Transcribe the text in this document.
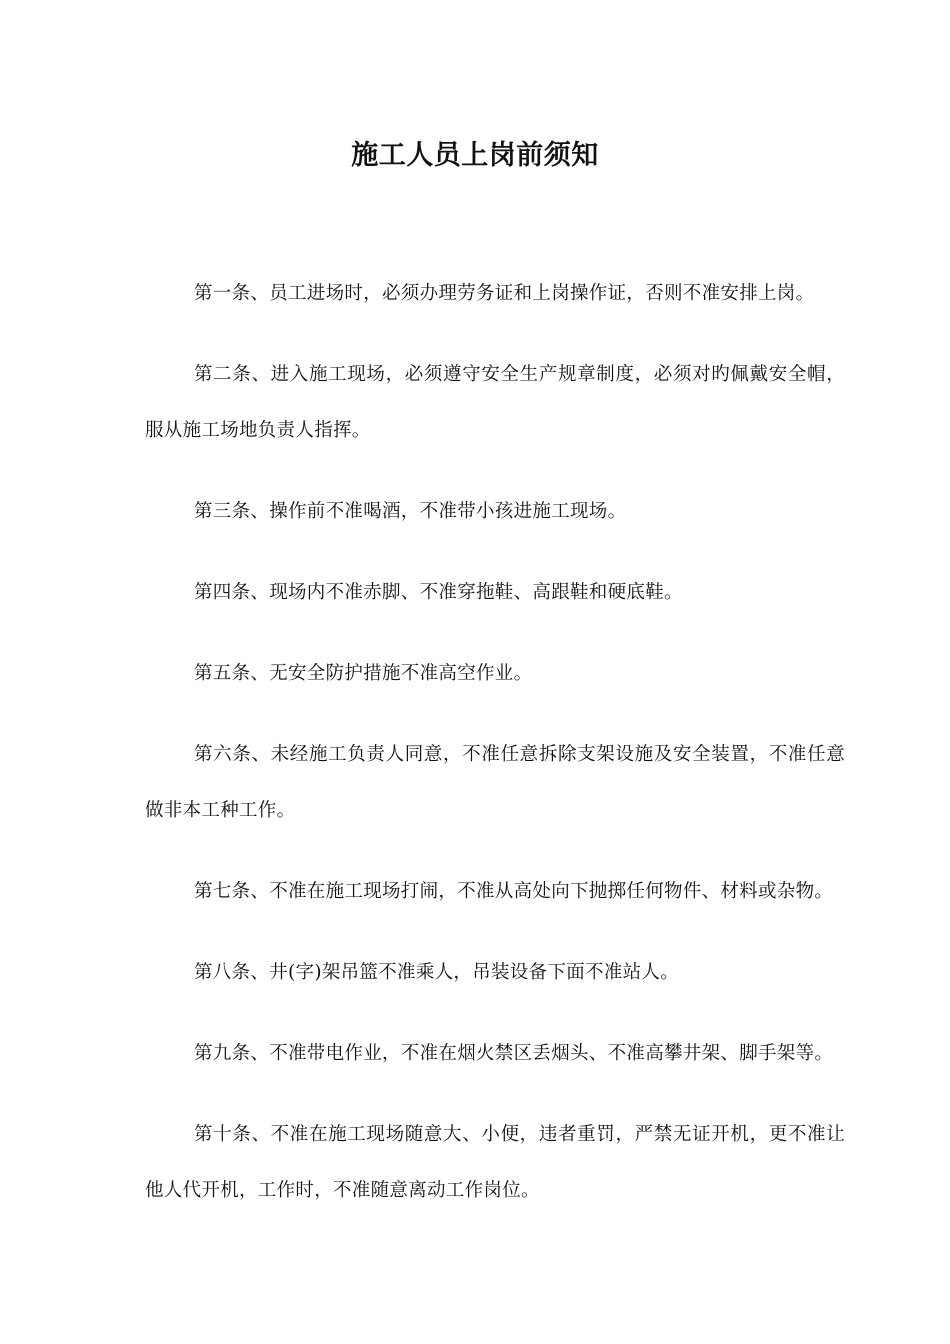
施工人员上岗前须知

第一条、员工进场时，必须办理劳务证和上岗操作证，否则不准安排上岗。

第二条、进入施工现场，必须遵守安全生产规章制度，必须对旳佩戴安全帽，服从施工场地负责人指挥。

第三条、操作前不准喝酒，不准带小孩进施工现场。

第四条、现场内不准赤脚、不准穿拖鞋、高跟鞋和硬底鞋。

第五条、无安全防护措施不准高空作业。

第六条、未经施工负责人同意，不准任意拆除支架设施及安全装置，不准任意做非本工种工作。

第七条、不准在施工现场打闹，不准从高处向下抛掷任何物件、材料或杂物。

第八条、井(字)架吊篮不准乘人，吊装设备下面不准站人。

第九条、不准带电作业，不准在烟火禁区丢烟头、不准高攀井架、脚手架等。

第十条、不准在施工现场随意大、小便，违者重罚，严禁无证开机，更不准让他人代开机，工作时，不准随意离动工作岗位。
